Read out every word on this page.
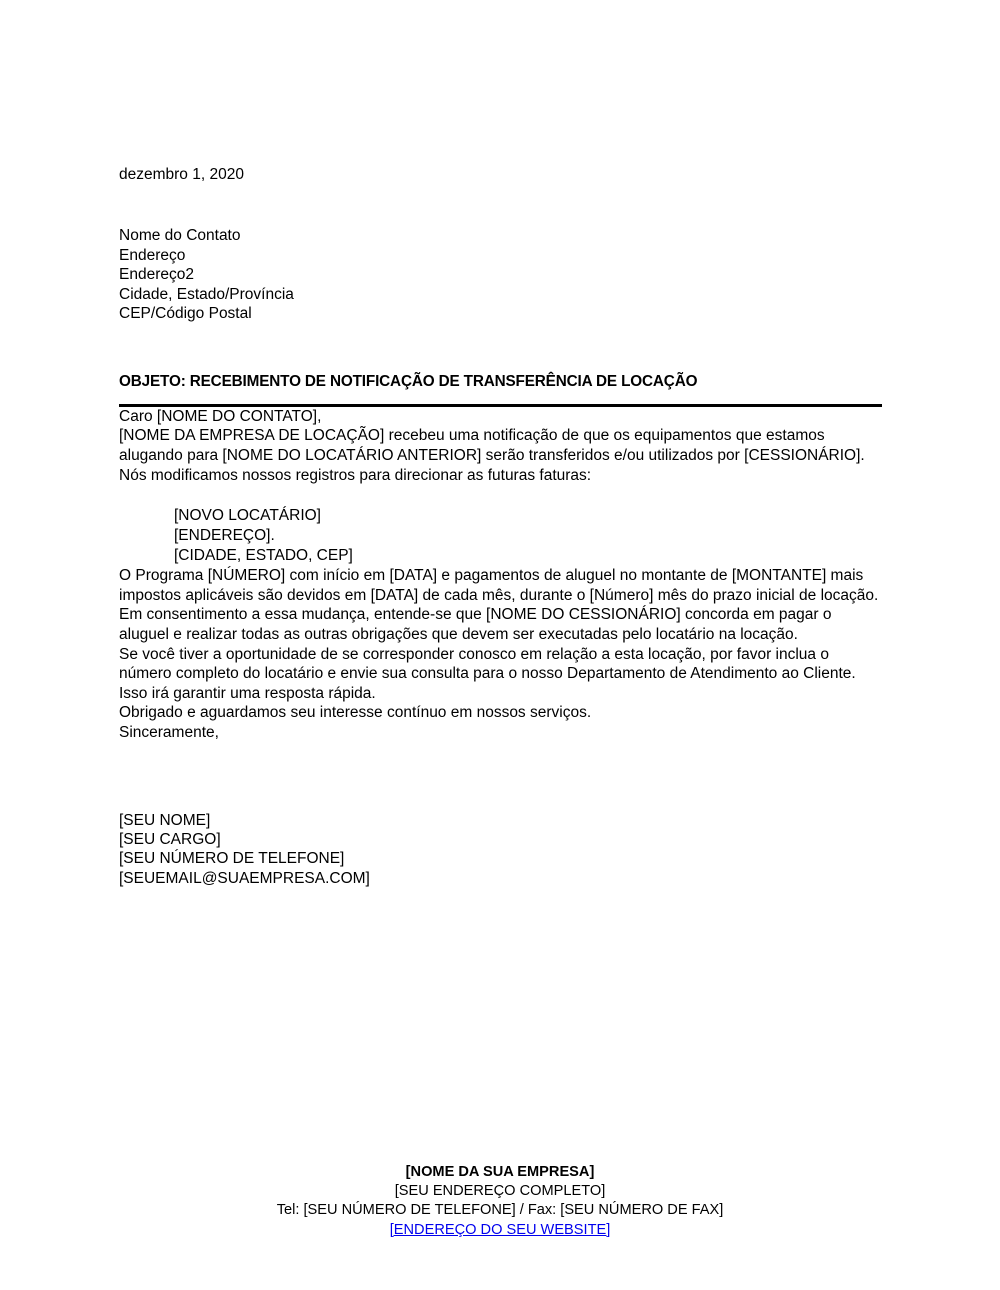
dezembro 1, 2020
Nome do Contato
Endereço
Endereço2
Cidade, Estado/Província
CEP/Código Postal
OBJETO: RECEBIMENTO DE NOTIFICAÇÃO DE TRANSFERÊNCIA DE LOCAÇÃO

Caro [NOME DO CONTATO],

[NOME DA EMPRESA DE LOCAÇÃO] recebeu uma notificação de que os equipamentos que estamos alugando para [NOME DO LOCATÁRIO ANTERIOR] serão transferidos e/ou utilizados por [CESSIONÁRIO].

Nós modificamos nossos registros para direcionar as futuras faturas:

[NOVO LOCATÁRIO]
[ENDEREÇO].
[CIDADE, ESTADO, CEP]

O Programa [NÚMERO] com início em [DATA] e pagamentos de aluguel no montante de [MONTANTE] mais impostos aplicáveis são devidos em [DATA] de cada mês, durante o [Número] mês do prazo inicial de locação.

Em consentimento a essa mudança, entende-se que [NOME DO CESSIONÁRIO] concorda em pagar o aluguel e realizar todas as outras obrigações que devem ser executadas pelo locatário na locação.

Se você tiver a oportunidade de se corresponder conosco em relação a esta locação, por favor inclua o número completo do locatário e envie sua consulta para o nosso Departamento de Atendimento ao Cliente. Isso irá garantir uma resposta rápida.

Obrigado e aguardamos seu interesse contínuo em nossos serviços.

Sinceramente,

[SEU NOME]
[SEU CARGO]
[SEU NÚMERO DE TELEFONE]
[SEUEMAIL@SUAEMPRESA.COM]
[NOME DA SUA EMPRESA]
[SEU ENDEREÇO COMPLETO]
Tel: [SEU NÚMERO DE TELEFONE] / Fax: [SEU NÚMERO DE FAX]
[ENDEREÇO DO SEU WEBSITE]
